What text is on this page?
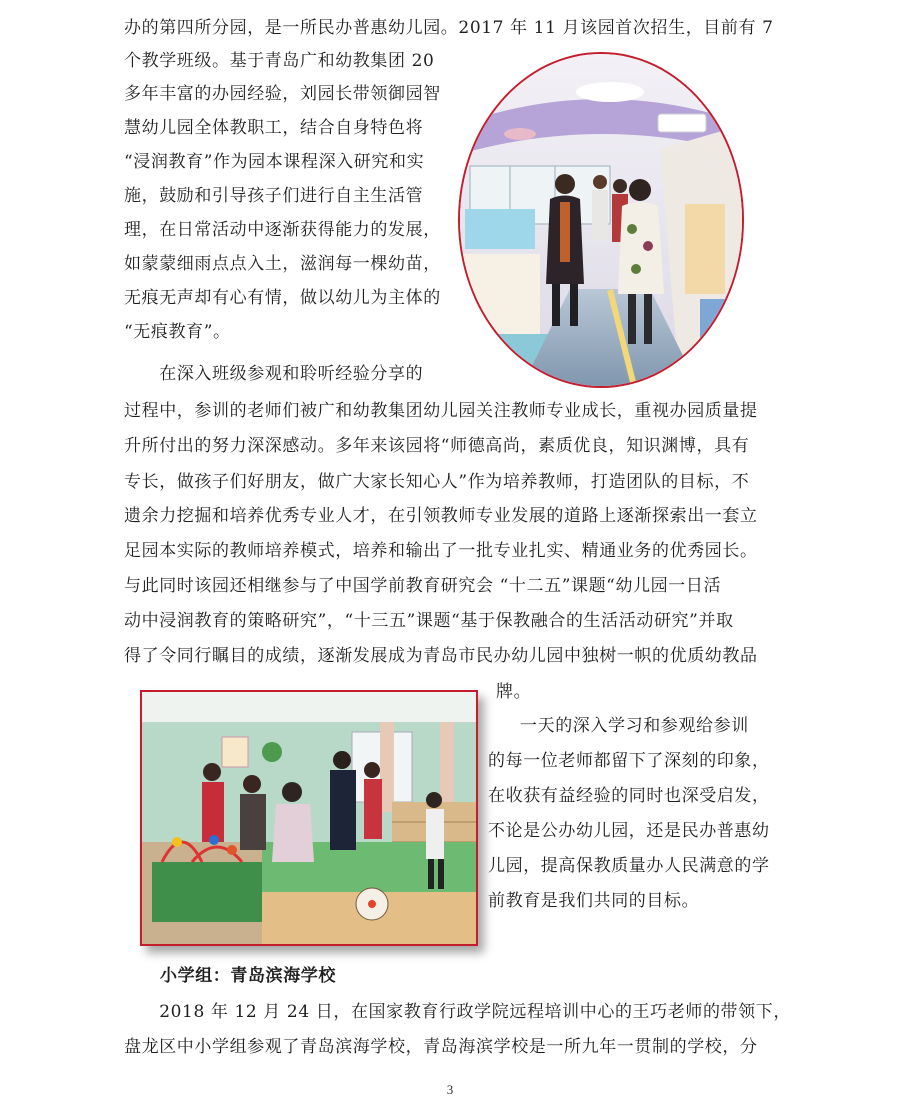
办的第四所分园，是一所民办普惠幼儿园。2017 年 11 月该园首次招生，目前有 7

个教学班级。基于青岛广和幼教集团 20

多年丰富的办园经验，刘园长带领御园智

慧幼儿园全体教职工，结合自身特色将

“浸润教育”作为园本课程深入研究和实

施，鼓励和引导孩子们进行自主生活管

理，在日常活动中逐渐获得能力的发展，

如蒙蒙细雨点点入土，滋润每一棵幼苗，

无痕无声却有心有情，做以幼儿为主体的

“无痕教育”。

　　在深入班级参观和聆听经验分享的

过程中，参训的老师们被广和幼教集团幼儿园关注教师专业成长，重视办园质量提

升所付出的努力深深感动。多年来该园将“师德高尚，素质优良，知识渊博，具有

专长，做孩子们好朋友，做广大家长知心人”作为培养教师，打造团队的目标，不

遗余力挖掘和培养优秀专业人才，在引领教师专业发展的道路上逐渐探索出一套立

足园本实际的教师培养模式，培养和输出了一批专业扎实、精通业务的优秀园长。

与此同时该园还相继参与了中国学前教育研究会 “十二五”课题“幼儿园一日活

动中浸润教育的策略研究”，“十三五”课题“基于保教融合的生活活动研究”并取

得了令同行瞩目的成绩，逐渐发展成为青岛市民办幼儿园中独树一帜的优质幼教品

牌。

一天的深入学习和参观给参训

的每一位老师都留下了深刻的印象，

在收获有益经验的同时也深受启发，

不论是公办幼儿园，还是民办普惠幼

儿园，提高保教质量办人民满意的学

前教育是我们共同的目标。

小学组：青岛滨海学校

　　2018 年 12 月 24 日，在国家教育行政学院远程培训中心的王巧老师的带领下，

盘龙区中小学组参观了青岛滨海学校，青岛海滨学校是一所九年一贯制的学校，分

3
